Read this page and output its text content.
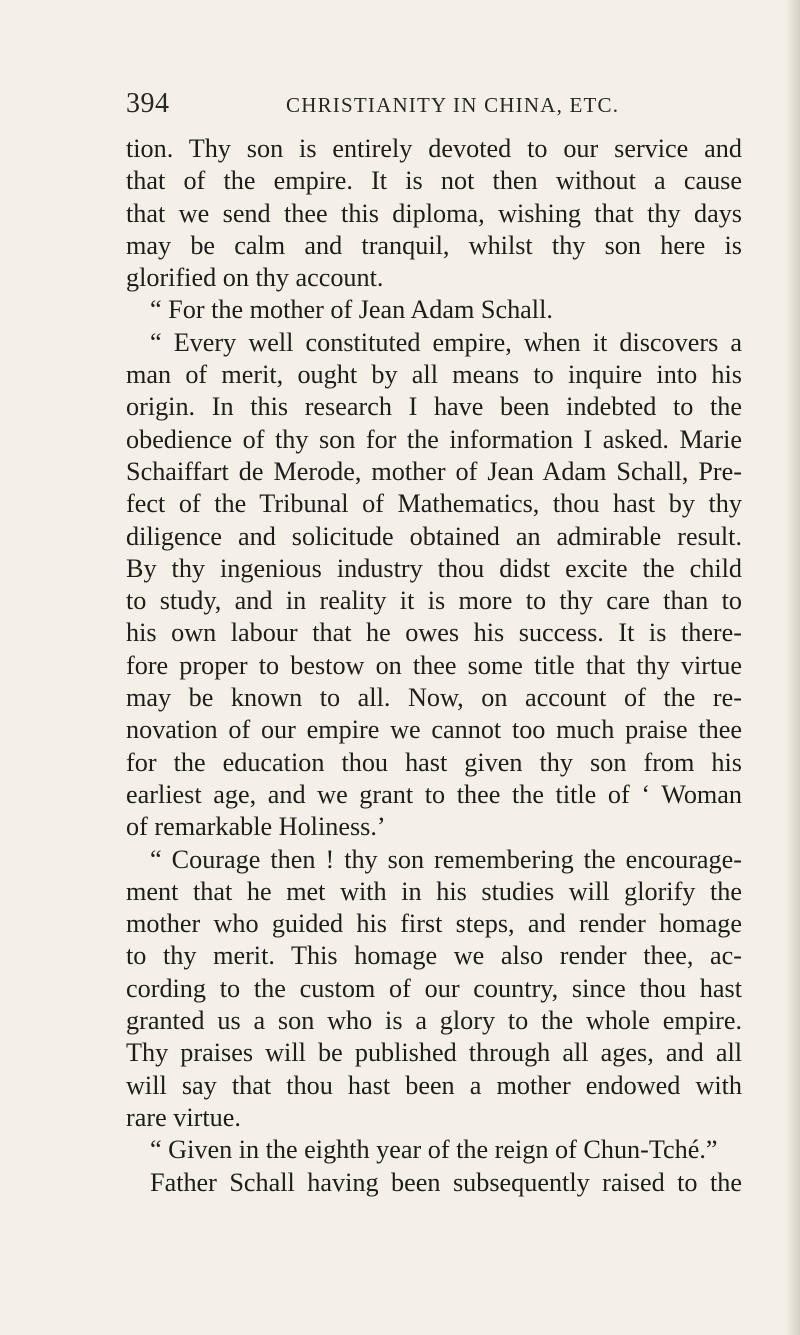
394	CHRISTIANITY IN CHINA, ETC.
tion. Thy son is entirely devoted to our service and
that of the empire. It is not then without a cause
that we send thee this diploma, wishing that thy days
may be calm and tranquil, whilst thy son here is
glorified on thy account.
“ For the mother of Jean Adam Schall.
“ Every well constituted empire, when it discovers a
man of merit, ought by all means to inquire into his
origin. In this research I have been indebted to the
obedience of thy son for the information I asked. Marie
Schaiffart de Merode, mother of Jean Adam Schall, Pre-
fect of the Tribunal of Mathematics, thou hast by thy
diligence and solicitude obtained an admirable result.
By thy ingenious industry thou didst excite the child
to study, and in reality it is more to thy care than to
his own labour that he owes his success. It is there-
fore proper to bestow on thee some title that thy virtue
may be known to all. Now, on account of the re-
novation of our empire we cannot too much praise thee
for the education thou hast given thy son from his
earliest age, and we grant to thee the title of ‘ Woman
of remarkable Holiness.’
“ Courage then ! thy son remembering the encourage-
ment that he met with in his studies will glorify the
mother who guided his first steps, and render homage
to thy merit. This homage we also render thee, ac-
cording to the custom of our country, since thou hast
granted us a son who is a glory to the whole empire.
Thy praises will be published through all ages, and all
will say that thou hast been a mother endowed with
rare virtue.
“ Given in the eighth year of the reign of Chun-Tché.”
Father Schall having been subsequently raised to the
